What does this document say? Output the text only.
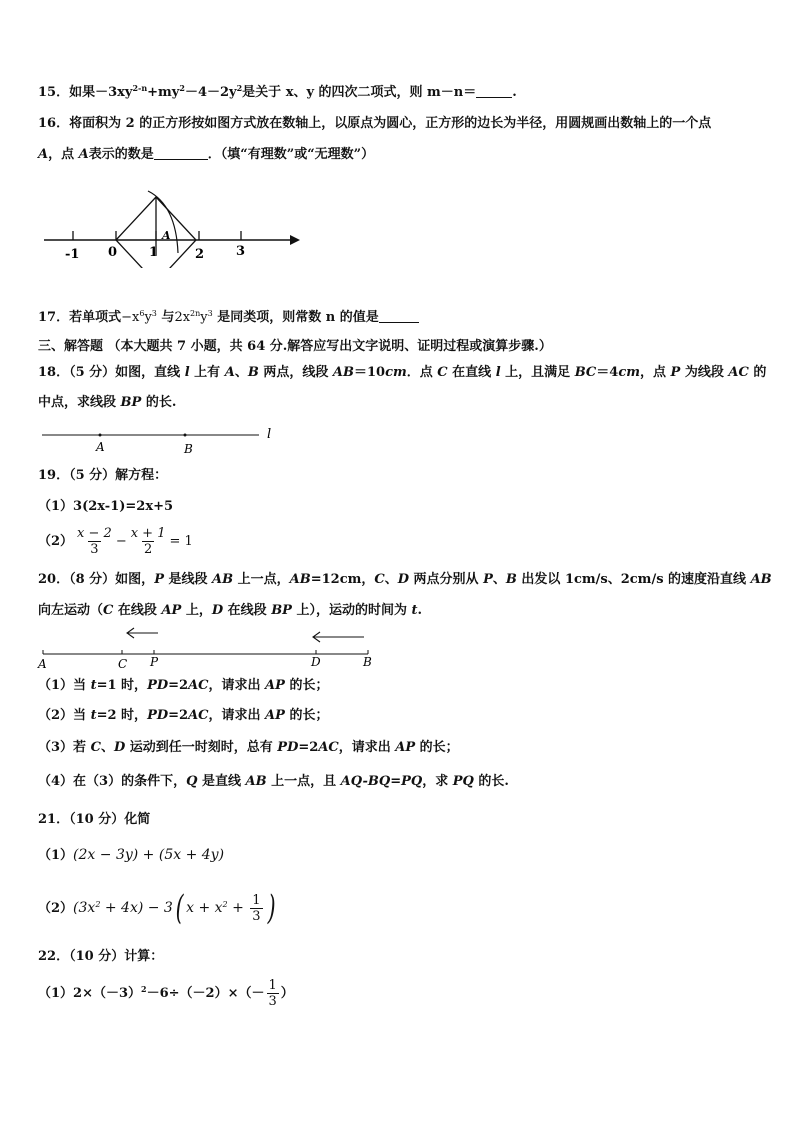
15．如果$-3xy^{2-n}+my^2-4-2y^2$是关于 x、y 的四次二项式，则 m－n＝	.
16．将面积为 2 的正方形按如图方式放在数轴上，以原点为圆心，正方形的边长为半径，用圆规画出数轴上的一个点
A，点 A表示的数是	．（填“有理数”或“无理数”）
-1 0 1	2 3
A
17．若单项式$-x^6y^3$ 与$2x^{2n}y^3$ 是同类项，则常数 n 的值是
三、解答题 （本大题共 7 小题，共 64 分.解答应写出文字说明、证明过程或演算步骤.）
18．（5 分）如图，直线 l 上有 A、B 两点，线段 AB＝10cm．点 C 在直线 l 上，且满足 BC＝4cm，点 P 为线段 AC 的
中点，求线段 BP 的长.
A	B
l
19．（5 分）解方程：
（1）3(2x-1)=2x+5
$(2) \frac{x - 2}{3} - \frac{x + 1}{2} = 1$
20．（8 分）如图，P 是线段 AB 上一点，AB=12cm，C、D 两点分别从 P、B 出发以 1cm/s、2cm/s 的速度沿直线 AB
向左运动（C 在线段 AP 上，D 在线段 BP 上），运动的时间为 t.
A	C P	D	B
（1）当 t=1 时，PD=2AC，请求出 AP 的长；
（2）当 t=2 时，PD=2AC，请求出 AP 的长；
（3）若 C、D 运动到任一时刻时，总有 PD=2AC，请求出 AP 的长；
（4）在（3）的条件下，Q 是直线 AB 上一点，且 AQ-BQ=PQ，求 PQ 的长.
21．（10 分）化简
（1）(2x − 3y) + (5x + 4y)
$(2)(3x^2 + 4x) - 3$( $x + x^2 + \frac{1}{3}$ )
22．（10 分）计算：
$(1)2\times(-3)^2-6\div(-2)\times(- \frac{1}{3}$ ）
